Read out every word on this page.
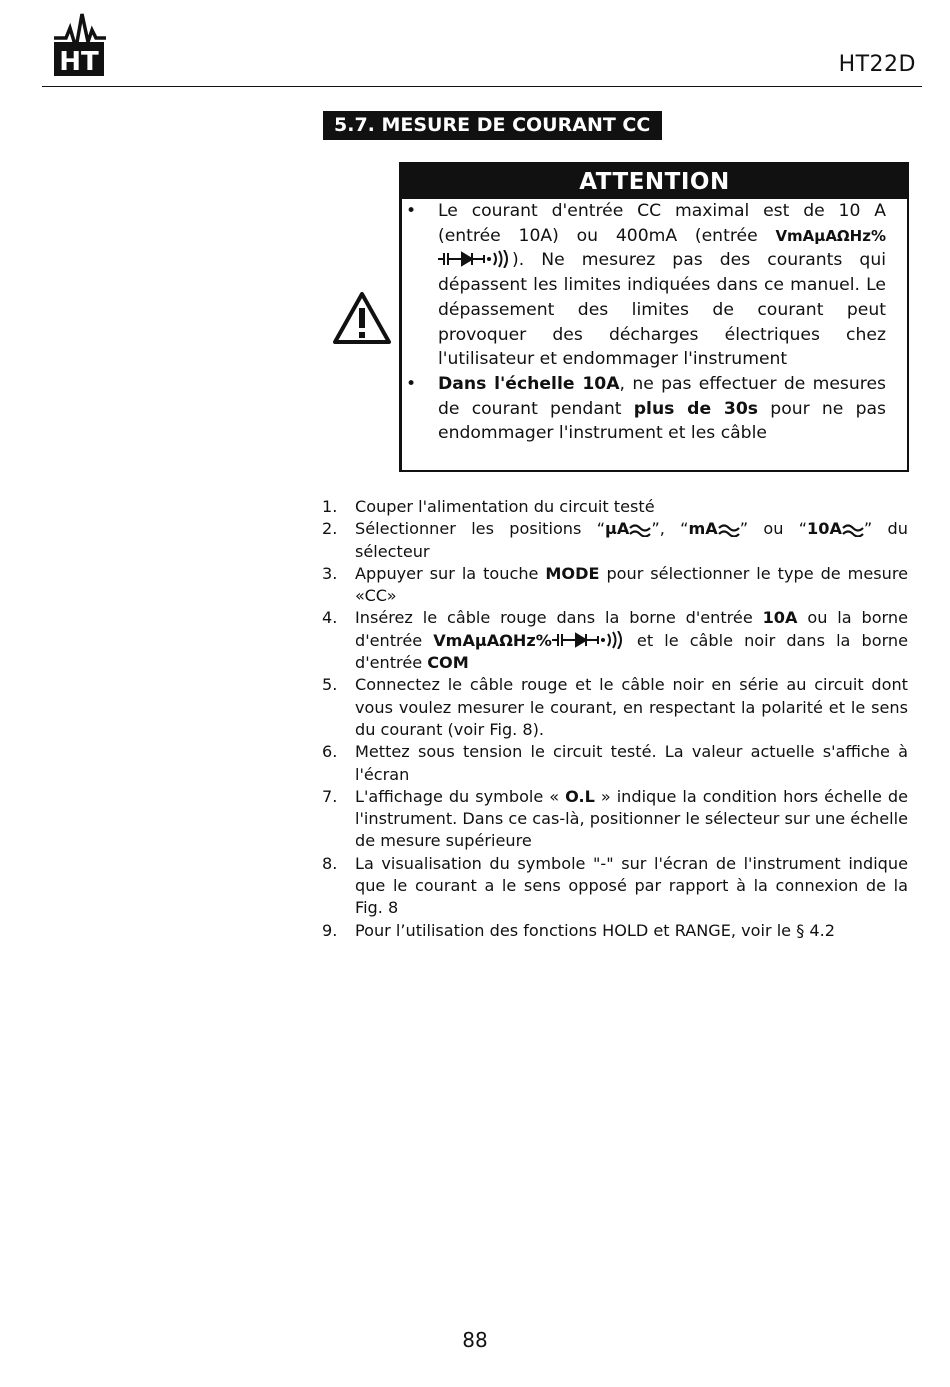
HT	HT22D
5.7. MESURE DE COURANT CC
ATTENTION
• Le courant d'entrée CC maximal est de 10 A (entrée 10A) ou 400mA (entrée VmAμAΩHz%). Ne mesurez pas des courants qui dépassent les limites indiquées dans ce manuel. Le dépassement des limites de courant peut provoquer des décharges électriques chez l'utilisateur et endommager l'instrument
• Dans l'échelle 10A, ne pas effectuer de mesures de courant pendant plus de 30s pour ne pas endommager l'instrument et les câble
1. Couper l'alimentation du circuit testé
2. Sélectionner les positions “μA ”, “mA ” ou “10A ” du sélecteur
3. Appuyer sur la touche MODE pour sélectionner le type de mesure «CC»
4. Insérez le câble rouge dans la borne d'entrée 10A ou la borne d'entrée VmAμAΩHz%	et le câble noir dans la borne d'entrée COM
5. Connectez le câble rouge et le câble noir en série au circuit dont vous voulez mesurer le courant, en respectant la polarité et le sens du courant (voir Fig. 8).
6. Mettez sous tension le circuit testé. La valeur actuelle s'affiche à l'écran
7. L'affichage du symbole « O.L » indique la condition hors échelle de l'instrument. Dans ce cas-là, positionner le sélecteur sur une échelle de mesure supérieure
8. La visualisation du symbole "-" sur l'écran de l'instrument indique que le courant a le sens opposé par rapport à la connexion de la Fig. 8
9. Pour l’utilisation des fonctions HOLD et RANGE, voir le § 4.2
88
